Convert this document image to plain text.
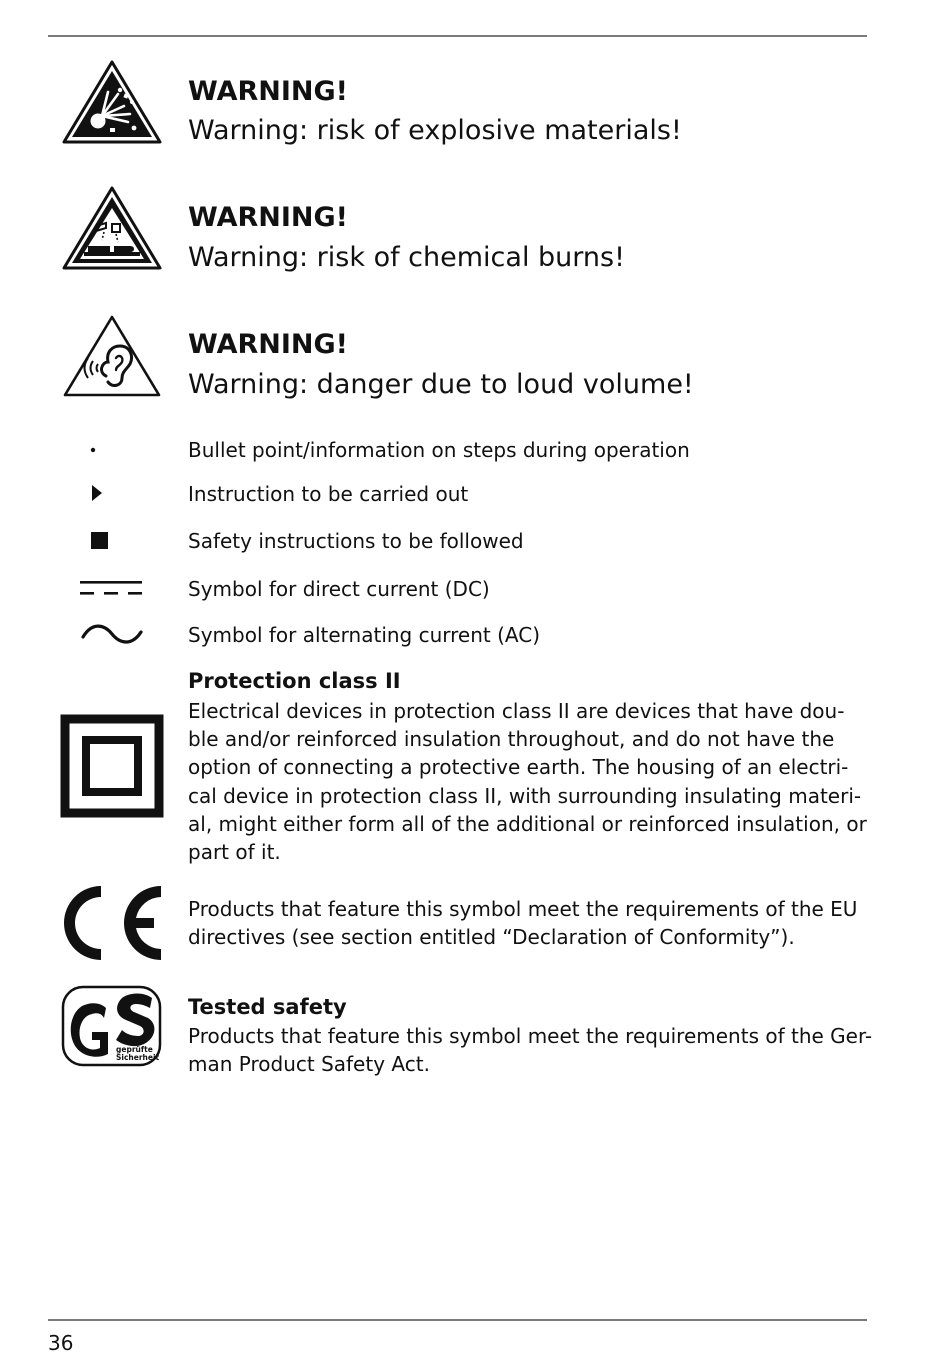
WARNING!
Warning: risk of explosive materials!
WARNING!
Warning: risk of chemical burns!
WARNING!
Warning: danger due to loud volume!
Bullet point/information on steps during operation
Instruction to be carried out
Safety instructions to be followed
Symbol for direct current (DC)
Symbol for alternating current (AC)
Protection class II
Electrical devices in protection class II are devices that have dou-
ble and/or reinforced insulation throughout, and do not have the
option of connecting a protective earth. The housing of an electri-
cal device in protection class II, with surrounding insulating materi-
al, might either form all of the additional or reinforced insulation, or
part of it.
Products that feature this symbol meet the requirements of the EU
directives (see section entitled “Declaration of Conformity”).
geprüfte
Sicherheit
Tested safety
Products that feature this symbol meet the requirements of the Ger-
man Product Safety Act.
36
